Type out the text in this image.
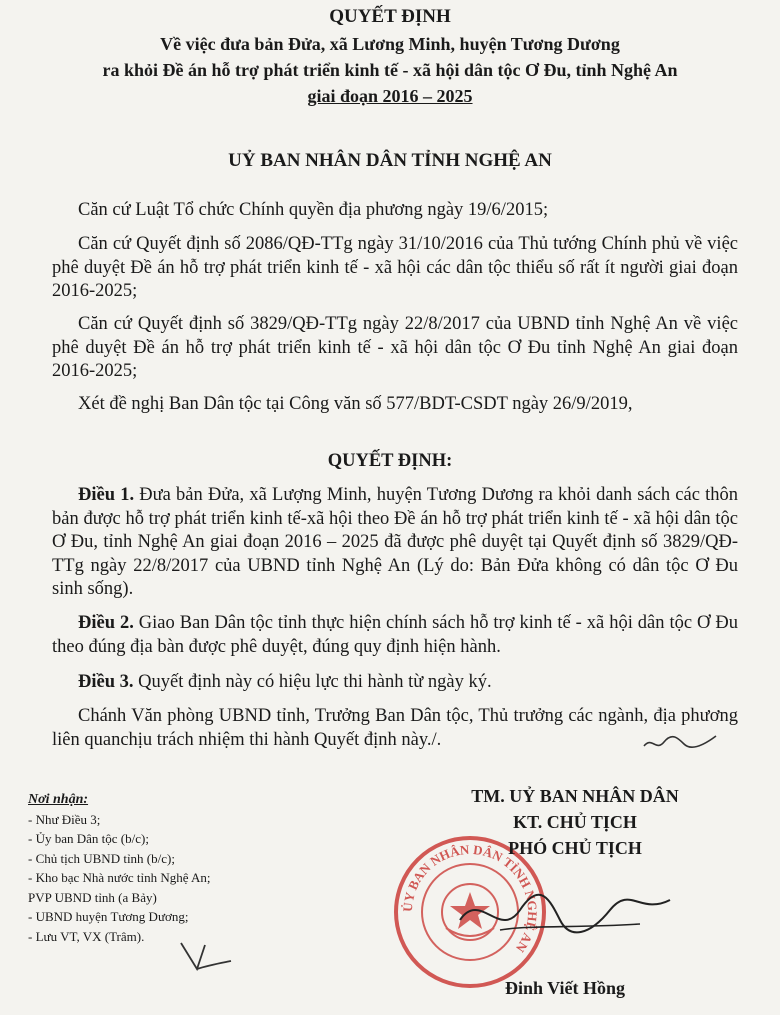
QUYẾT ĐỊNH
Về việc đưa bản Đửa, xã Lương Minh, huyện Tương Dương
ra khỏi Đề án hỗ trợ phát triển kinh tế - xã hội dân tộc Ơ Đu, tỉnh Nghệ An
giai đoạn 2016 – 2025
UỶ BAN NHÂN DÂN TỈNH NGHỆ AN
Căn cứ Luật Tổ chức Chính quyền địa phương ngày 19/6/2015;
Căn cứ Quyết định số 2086/QĐ-TTg ngày 31/10/2016 của Thủ tướng Chính phủ về việc phê duyệt Đề án hỗ trợ phát triển kinh tế - xã hội các dân tộc thiểu số rất ít người giai đoạn 2016-2025;
Căn cứ Quyết định số 3829/QĐ-TTg ngày 22/8/2017 của UBND tỉnh Nghệ An về việc phê duyệt Đề án hỗ trợ phát triển kinh tế - xã hội dân tộc Ơ Đu tỉnh Nghệ An giai đoạn 2016-2025;
Xét đề nghị Ban Dân tộc tại Công văn số 577/BDT-CSDT ngày 26/9/2019,
QUYẾT ĐỊNH:
Điều 1. Đưa bản Đửa, xã Lượng Minh, huyện Tương Dương ra khỏi danh sách các thôn bản được hỗ trợ phát triển kinh tế-xã hội theo Đề án hỗ trợ phát triển kinh tế - xã hội dân tộc Ơ Đu, tỉnh Nghệ An giai đoạn 2016 – 2025 đã được phê duyệt tại Quyết định số 3829/QĐ-TTg ngày 22/8/2017 của UBND tỉnh Nghệ An (Lý do: Bản Đửa không có dân tộc Ơ Đu sinh sống).
Điều 2. Giao Ban Dân tộc tỉnh thực hiện chính sách hỗ trợ kinh tế - xã hội dân tộc Ơ Đu theo đúng địa bàn được phê duyệt, đúng quy định hiện hành.
Điều 3. Quyết định này có hiệu lực thi hành từ ngày ký.
Chánh Văn phòng UBND tỉnh, Trưởng Ban Dân tộc, Thủ trưởng các ngành, địa phương liên quanchịu trách nhiệm thi hành Quyết định này./.
Nơi nhận:
- Như Điều 3;
- Ủy ban Dân tộc (b/c);
- Chủ tịch UBND tỉnh (b/c);
- Kho bạc Nhà nước tỉnh Nghệ An;
PVP UBND tỉnh (a Bảy)
- UBND huyện Tương Dương;
- Lưu VT, VX (Trâm).
ỦY BAN NHÂN DÂN TỈNH NGHỆ AN
TM. UỶ BAN NHÂN DÂN
KT. CHỦ TỊCH
PHÓ CHỦ TỊCH
Đinh Viết Hồng
